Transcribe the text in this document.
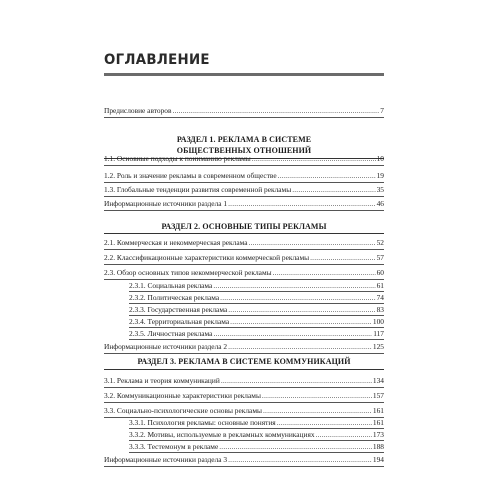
ОГЛАВЛЕНИЕ
Предисловие авторов .....	7
РАЗДЕЛ 1. РЕКЛАМА В СИСТЕМЕ
ОБЩЕСТВЕННЫХ ОТНОШЕНИЙ
1.1. Основные подходы к пониманию рекламы .....	10
1.2. Роль и значение рекламы в современном обществе .....	19
1.3. Глобальные тенденции развития современной рекламы .....	35
Информационные источники раздела 1 .....	46
РАЗДЕЛ 2. ОСНОВНЫЕ ТИПЫ РЕКЛАМЫ
2.1. Коммерческая и некоммерческая реклама .....	52
2.2. Классификационные характеристики коммерческой рекламы .....	57
2.3. Обзор основных типов некоммерческой рекламы .....	60
2.3.1. Социальная реклама .....	61
2.3.2. Политическая реклама .....	74
2.3.3. Государственная реклама .....	83
2.3.4. Территориальная реклама .....	100
2.3.5. Личностная реклама .....	117
Информационные источники раздела 2 .....	125
РАЗДЕЛ 3. РЕКЛАМА В СИСТЕМЕ КОММУНИКАЦИЙ
3.1. Реклама и теория коммуникаций .....	134
3.2. Коммуникационные характеристики рекламы .....	157
3.3. Социально-психологические основы рекламы .....	161
3.3.1. Психология рекламы: основные понятия .....	161
3.3.2. Мотивы, используемые в рекламных коммуникациях .....	173
3.3.3. Тестемонум в рекламе .....	188
Информационные источники раздела 3 .....	194
